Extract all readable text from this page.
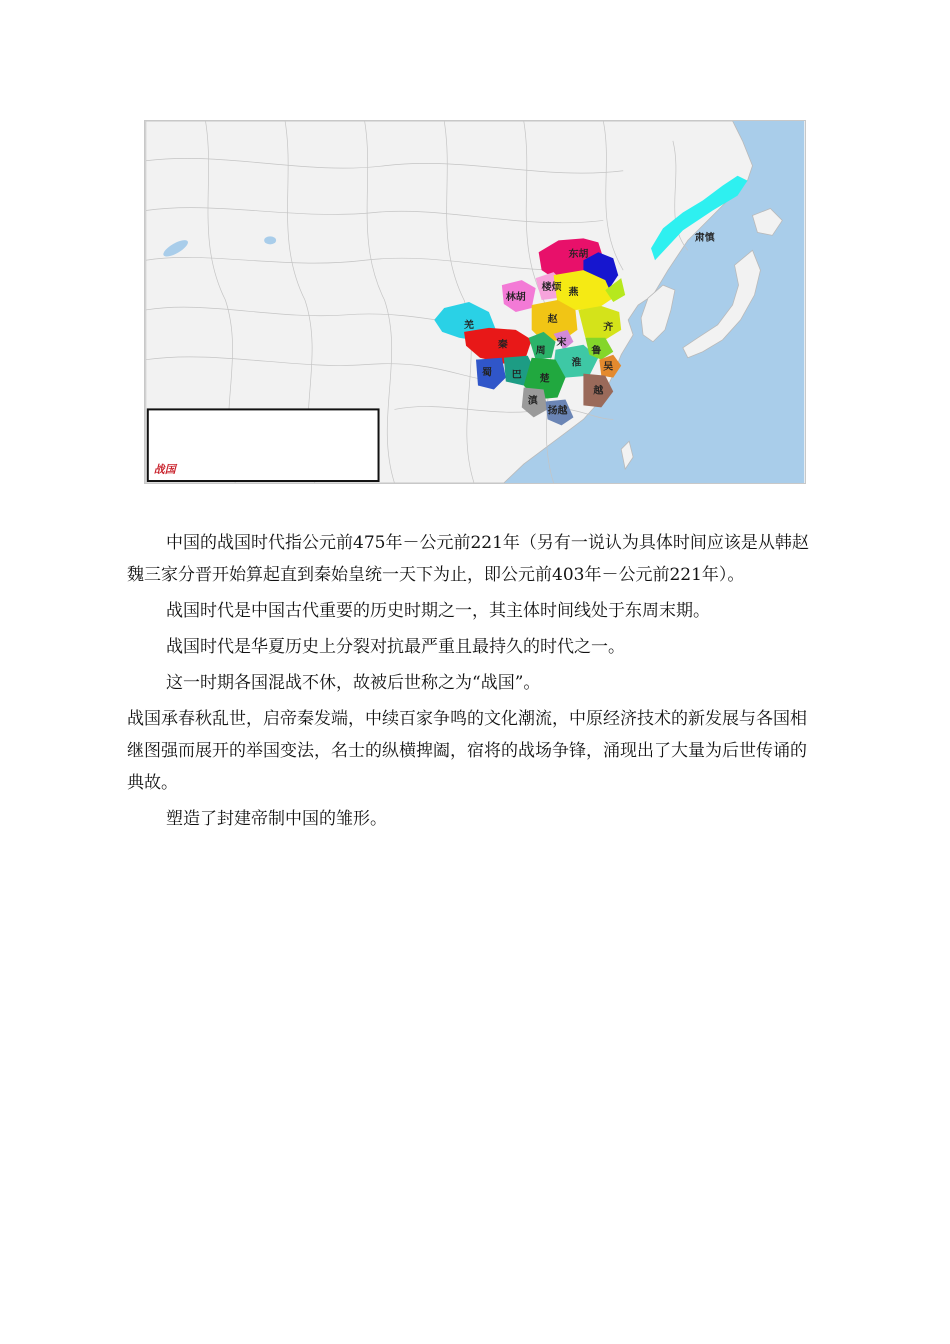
东胡
肃慎
林胡
楼烦 燕
赵
齐
羌
秦
周
宋
淮
鲁
吴
蜀 巴 楚
越
滇
扬越
战国

中国的战国时代指公元前475年－公元前221年（另有一说认为具体时间应该是从韩赵魏三家分晋开始算起直到秦始皇统一天下为止，即公元前403年－公元前221年）。

战国时代是中国古代重要的历史时期之一，其主体时间线处于东周末期。

战国时代是华夏历史上分裂对抗最严重且最持久的时代之一。

这一时期各国混战不休，故被后世称之为“战国”。

战国承春秋乱世，启帝秦发端，中续百家争鸣的文化潮流，中原经济技术的新发展与各国相继图强而展开的举国变法，名士的纵横捭阖，宿将的战场争锋，涌现出了大量为后世传诵的典故。

塑造了封建帝制中国的雏形。
